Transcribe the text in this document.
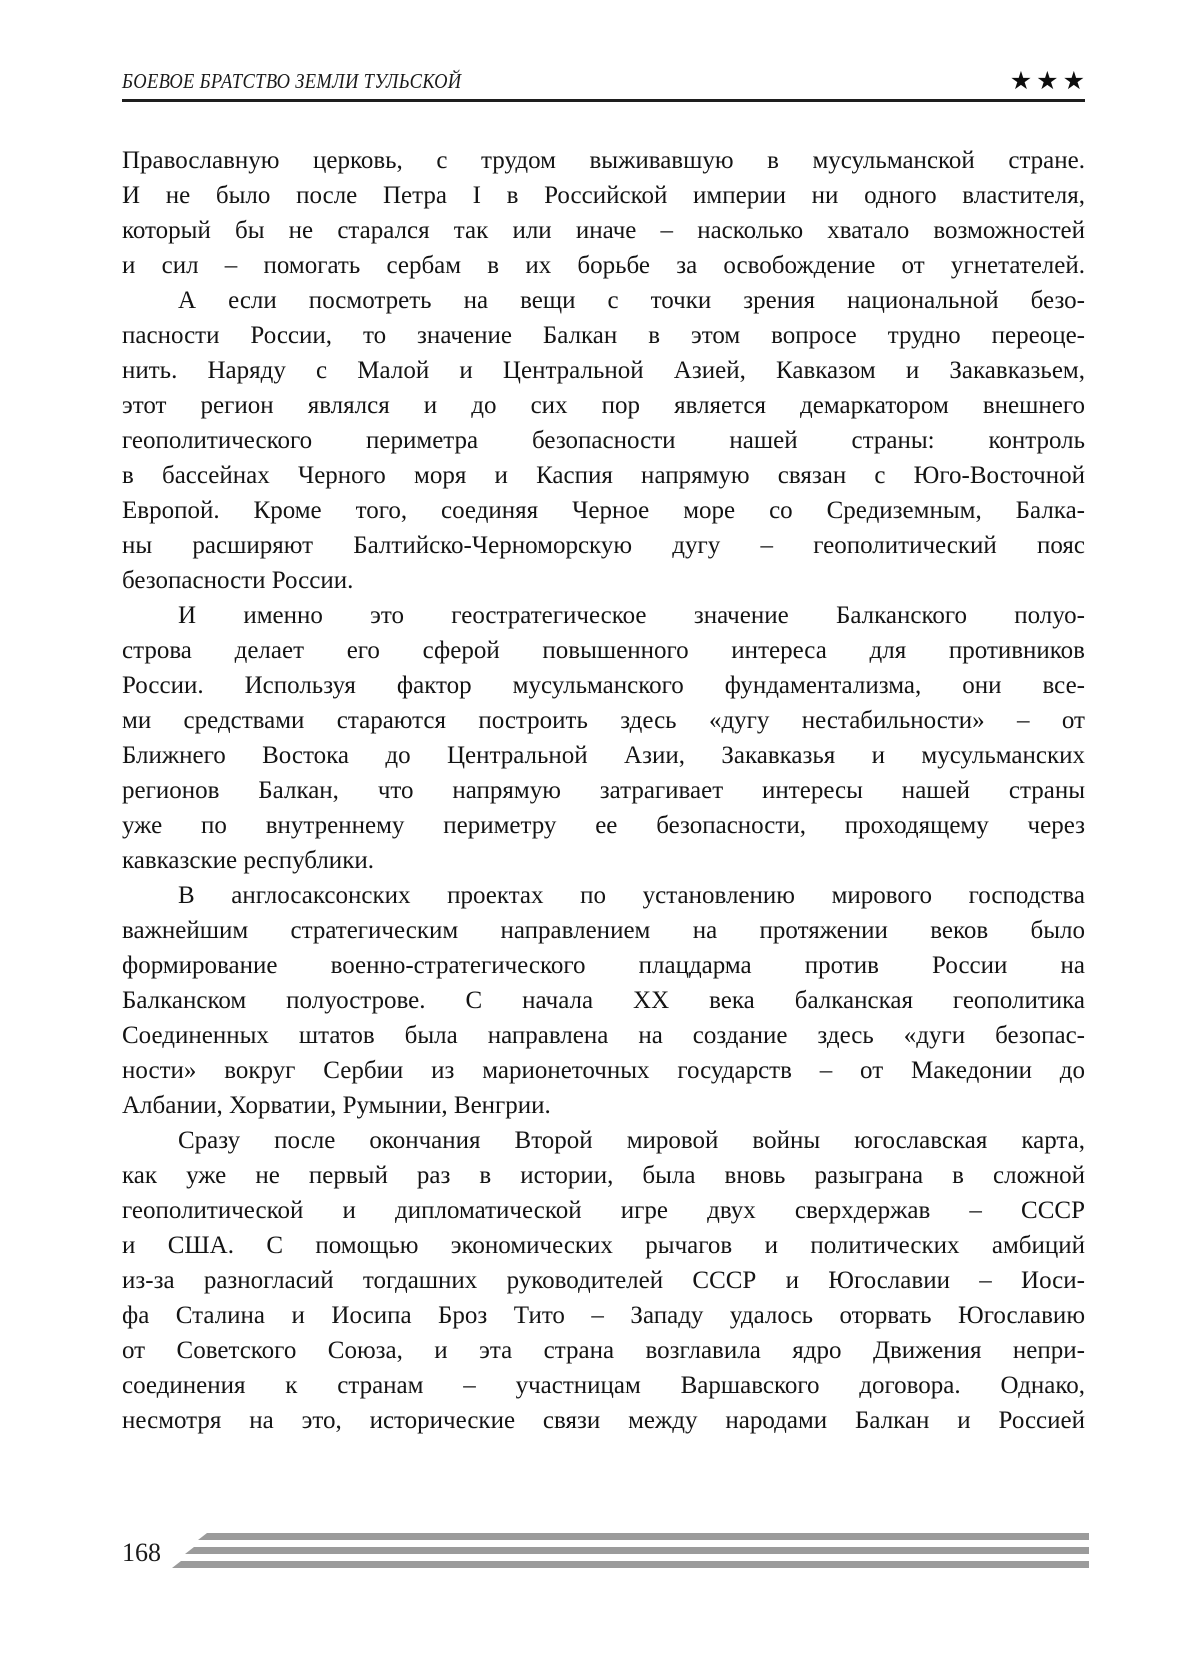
БОЕВОЕ БРАТСТВО ЗЕМЛИ ТУЛЬСКОЙ	★★★
Православную церковь, с трудом выживавшую в мусульманской стране.
И не было после Петра I в Российской империи ни одного властителя,
который бы не старался так или иначе – насколько хватало возможностей
и сил – помогать сербам в их борьбе за освобождение от угнетателей.
А если посмотреть на вещи с точки зрения национальной безо-
пасности России, то значение Балкан в этом вопросе трудно переоце-
нить. Наряду с Малой и Центральной Азией, Кавказом и Закавказьем,
этот регион являлся и до сих пор является демаркатором внешнего
геополитического периметра безопасности нашей страны: контроль
в бассейнах Черного моря и Каспия напрямую связан с Юго-Восточной
Европой. Кроме того, соединяя Черное море со Средиземным, Балка-
ны расширяют Балтийско-Черноморскую дугу – геополитический пояс
безопасности России.
И именно это геостратегическое значение Балканского полуо-
строва делает его сферой повышенного интереса для противников
России. Используя фактор мусульманского фундаментализма, они все-
ми средствами стараются построить здесь «дугу нестабильности» – от
Ближнего Востока до Центральной Азии, Закавказья и мусульманских
регионов Балкан, что напрямую затрагивает интересы нашей страны
уже по внутреннему периметру ее безопасности, проходящему через
кавказские республики.
В англосаксонских проектах по установлению мирового господства
важнейшим стратегическим направлением на протяжении веков было
формирование военно-стратегического плацдарма против России на
Балканском полуострове. С начала XX века балканская геополитика
Соединенных штатов была направлена на создание здесь «дуги безопас-
ности» вокруг Сербии из марионеточных государств – от Македонии до
Албании, Хорватии, Румынии, Венгрии.
Сразу после окончания Второй мировой войны югославская карта,
как уже не первый раз в истории, была вновь разыграна в сложной
геополитической и дипломатической игре двух сверхдержав – СССР
и США. С помощью экономических рычагов и политических амбиций
из-за разногласий тогдашних руководителей СССР и Югославии – Иоси-
фа Сталина и Иосипа Броз Тито – Западу удалось оторвать Югославию
от Советского Союза, и эта страна возглавила ядро Движения непри-
соединения к странам – участницам Варшавского договора. Однако,
несмотря на это, исторические связи между народами Балкан и Россией
168
